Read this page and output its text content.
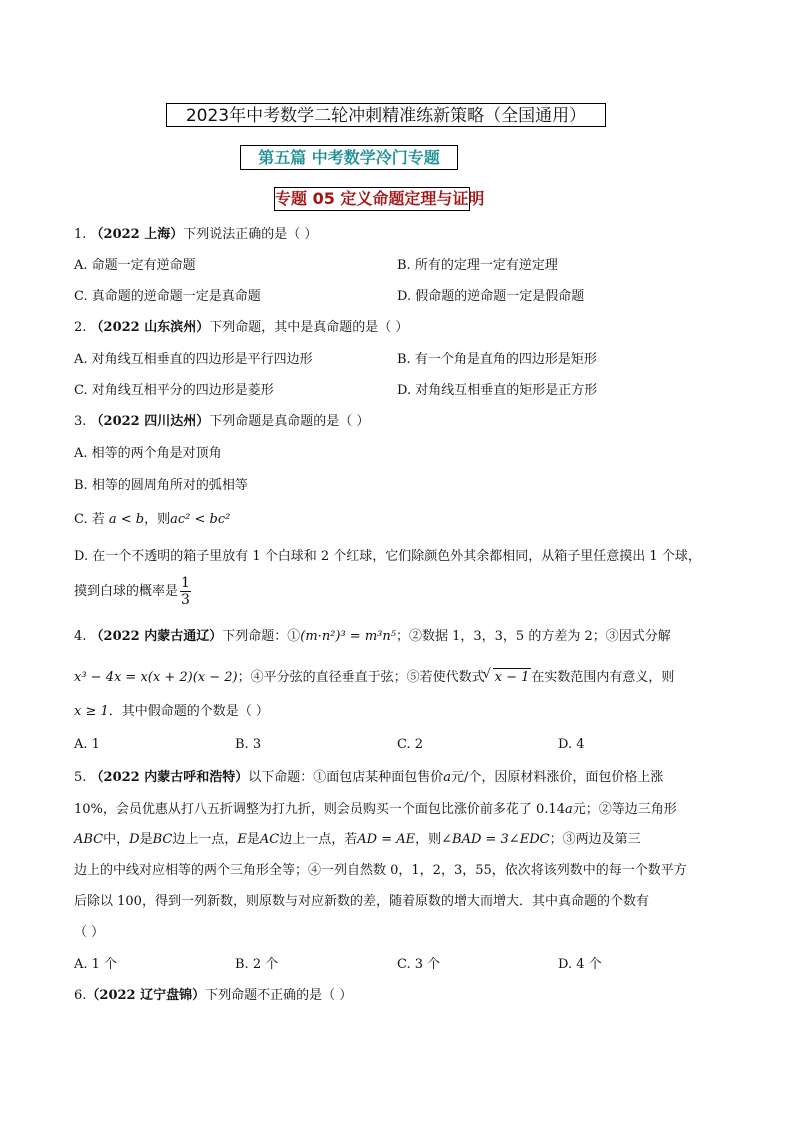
2023年中考数学二轮冲刺精准练新策略（全国通用）
第五篇 中考数学冷门专题
专题 05 定义命题定理与证明
1. （2022 上海）下列说法正确的是（ ）
A. 命题一定有逆命题	B. 所有的定理一定有逆定理
C. 真命题的逆命题一定是真命题	D. 假命题的逆命题一定是假命题
2. （2022 山东滨州）下列命题，其中是真命题的是（ ）
A. 对角线互相垂直的四边形是平行四边形	B. 有一个角是直角的四边形是矩形
C. 对角线互相平分的四边形是菱形	D. 对角线互相垂直的矩形是正方形
3. （2022 四川达州）下列命题是真命题的是（ ）
A. 相等的两个角是对顶角
B. 相等的圆周角所对的弧相等
C. 若 a < b，则ac² < bc²
D. 在一个不透明的箱子里放有 1 个白球和 2 个红球，它们除颜色外其余都相同，从箱子里任意摸出 1 个球，
摸到白球的概率是 $\frac{1}{3}$
4. （2022 内蒙古通辽）下列命题：①(m·n²)³ = m³n⁵；②数据 1，3，3，5 的方差为 2；③因式分解
x³ − 4x = x(x + 2)(x − 2)；④平分弦的直径垂直于弦；⑤若使代数式√ x − 1 在实数范围内有意义，则
x ≥ 1．其中假命题的个数是（ ）
A. 1	B. 3	C. 2	D. 4
5. （2022 内蒙古呼和浩特）以下命题：①面包店某种面包售价a元/个，因原材料涨价，面包价格上涨
10%，会员优惠从打八五折调整为打九折，则会员购买一个面包比涨价前多花了 0.14a元；②等边三角形
ABC中，D是BC边上一点，E是AC边上一点，若AD = AE，则∠BAD = 3∠EDC；③两边及第三
边上的中线对应相等的两个三角形全等；④一列自然数 0，1，2，3，55，依次将该列数中的每一个数平方
后除以 100，得到一列新数，则原数与对应新数的差，随着原数的增大而增大．其中真命题的个数有
（ ）
A. 1 个	B. 2 个	C. 3 个	D. 4 个
6.（2022 辽宁盘锦）下列命题不正确的是（ ）
